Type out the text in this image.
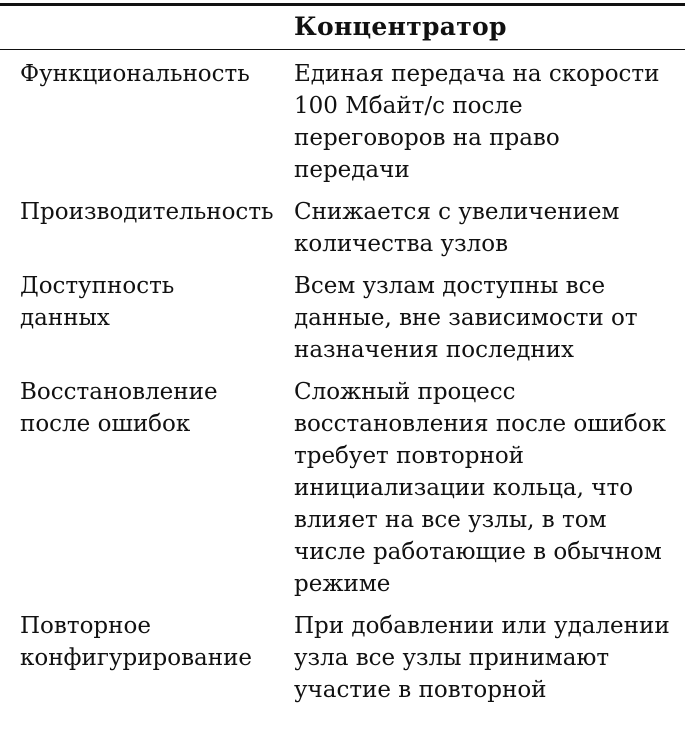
Концентратор
Функциональность	Единая передача на скорости
100 Мбайт/с после
переговоров на право
передачи
Производительность Снижается с увеличением
количества узлов
Доступность
данных
Всем узлам доступны все
данные, вне зависимости от
назначения последних
Восстановление
после ошибок
Сложный процесс
восстановления после ошибок
требует повторной
инициализации кольца, что
влияет на все узлы, в том
числе работающие в обычном
режиме
Повторное
конфигурирование
При добавлении или удалении
узла все узлы принимают
участие в повторной
